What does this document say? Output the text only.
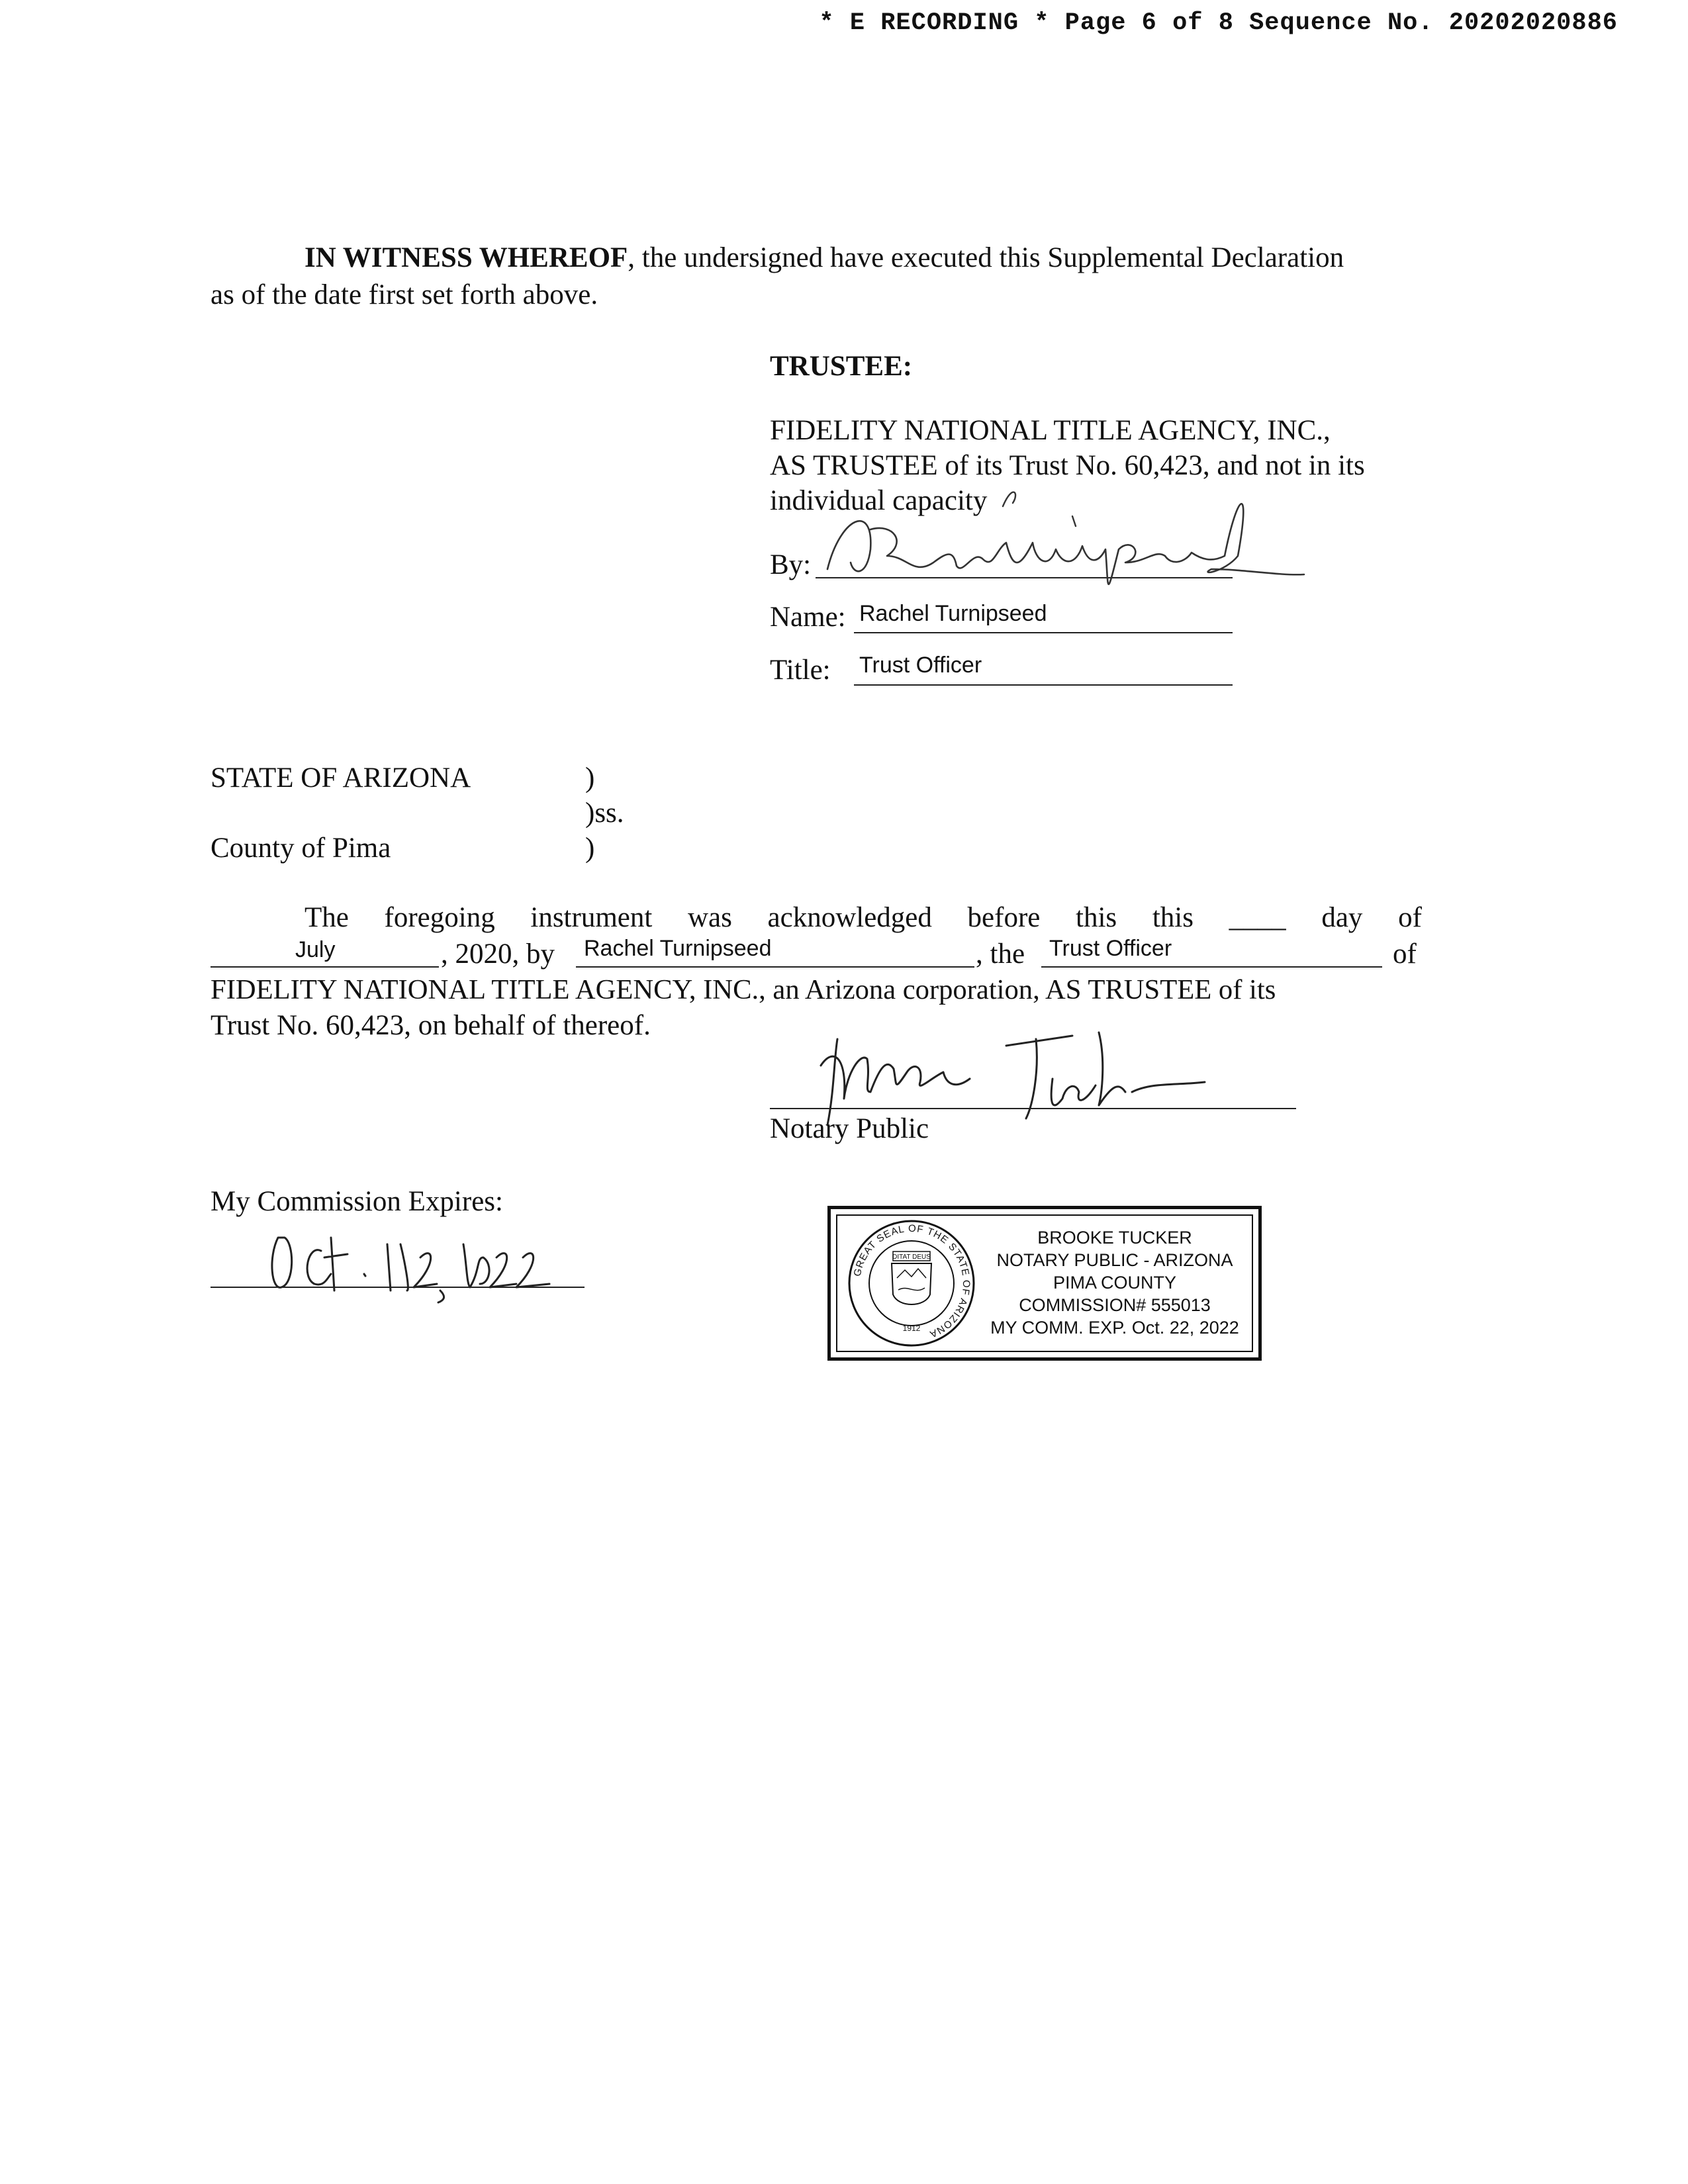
* E RECORDING * Page 6 of 8 Sequence No. 20202020886
IN WITNESS WHEREOF, the undersigned have executed this Supplemental Declaration
as of the date first set forth above.
TRUSTEE:
FIDELITY NATIONAL TITLE AGENCY, INC.,
AS TRUSTEE of its Trust No. 60,423, and not in its
individual capacity
By:
Name: Rachel Turnipseed
Title: Trust Officer
STATE OF ARIZONA	)
)ss.
County of Pima	)
The foregoing instrument was acknowledged before this this ____ day of
July	, 2020, by Rachel Turnipseed	, the Trust Officer	of
FIDELITY NATIONAL TITLE AGENCY, INC., an Arizona corporation, AS TRUSTEE of its
Trust No. 60,423, on behalf of thereof.
Notary Public
My Commission Expires:
GREAT SEAL OF THE STATE OF ARIZONA
DITAT DEUS
1912
BROOKE TUCKER
NOTARY PUBLIC - ARIZONA
PIMA COUNTY
COMMISSION# 555013
MY COMM. EXP. Oct. 22, 2022
